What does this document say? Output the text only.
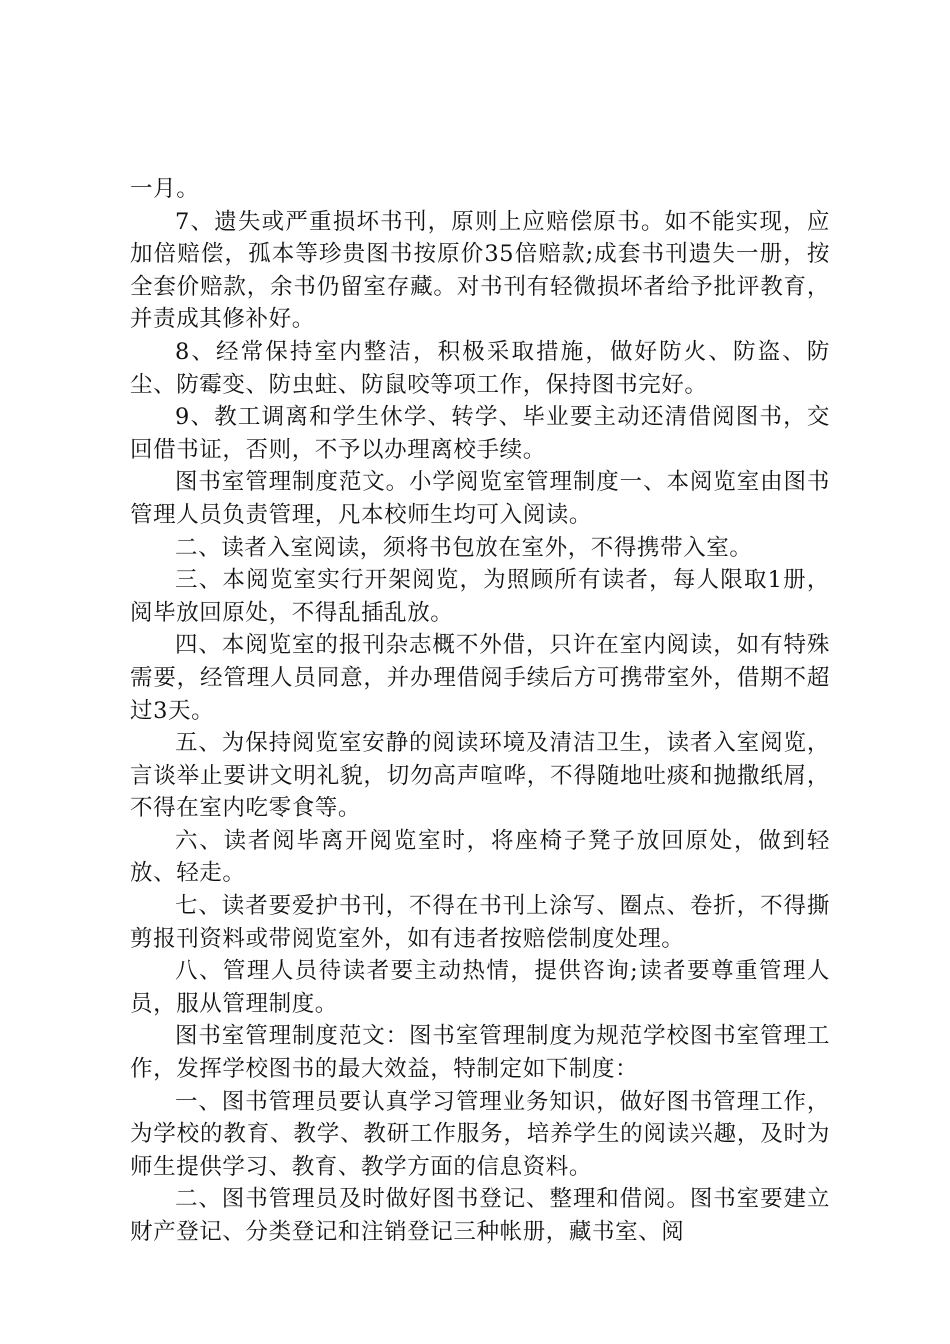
一月。

7、遗失或严重损坏书刊，原则上应赔偿原书。如不能实现，应加倍赔偿，孤本等珍贵图书按原价35倍赔款;成套书刊遗失一册，按全套价赔款，余书仍留室存藏。对书刊有轻微损坏者给予批评教育，并责成其修补好。

8、经常保持室内整洁，积极采取措施，做好防火、防盗、防尘、防霉变、防虫蛀、防鼠咬等项工作，保持图书完好。

9、教工调离和学生休学、转学、毕业要主动还清借阅图书，交回借书证，否则，不予以办理离校手续。

图书室管理制度范文。小学阅览室管理制度一、本阅览室由图书管理人员负责管理，凡本校师生均可入阅读。

二、读者入室阅读，须将书包放在室外，不得携带入室。

三、本阅览室实行开架阅览，为照顾所有读者，每人限取1册，阅毕放回原处，不得乱插乱放。

四、本阅览室的报刊杂志概不外借，只许在室内阅读，如有特殊需要，经管理人员同意，并办理借阅手续后方可携带室外，借期不超过3天。

五、为保持阅览室安静的阅读环境及清洁卫生，读者入室阅览，言谈举止要讲文明礼貌，切勿高声喧哗，不得随地吐痰和抛撒纸屑，不得在室内吃零食等。

六、读者阅毕离开阅览室时，将座椅子凳子放回原处，做到轻放、轻走。

七、读者要爱护书刊，不得在书刊上涂写、圈点、卷折，不得撕剪报刊资料或带阅览室外，如有违者按赔偿制度处理。

八、管理人员待读者要主动热情，提供咨询;读者要尊重管理人员，服从管理制度。

图书室管理制度范文：图书室管理制度为规范学校图书室管理工作，发挥学校图书的最大效益，特制定如下制度：

一、图书管理员要认真学习管理业务知识，做好图书管理工作，为学校的教育、教学、教研工作服务，培养学生的阅读兴趣，及时为师生提供学习、教育、教学方面的信息资料。

二、图书管理员及时做好图书登记、整理和借阅。图书室要建立财产登记、分类登记和注销登记三种帐册，藏书室、阅
